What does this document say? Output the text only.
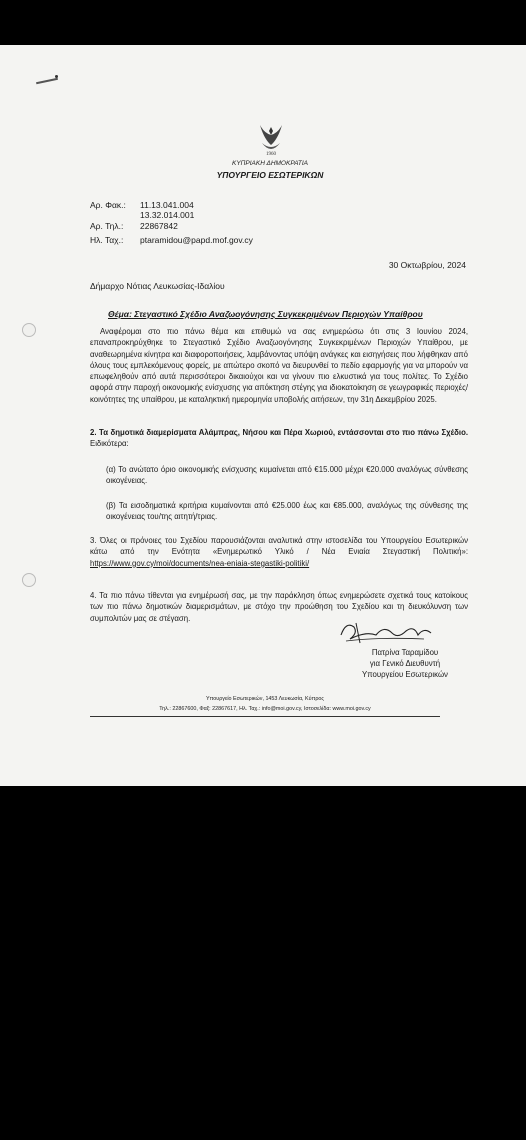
1960
ΚΥΠΡΙΑΚΗ ΔΗΜΟΚΡΑΤΙΑ
ΥΠΟΥΡΓΕΙΟ ΕΣΩΤΕΡΙΚΩΝ
Αρ. Φακ.: 11.13.041.004
13.32.014.001
Αρ. Τηλ.: 22867842
Ηλ. Ταχ.: ptaramidou@papd.mof.gov.cy
30 Οκτωβρίου, 2024
Δήμαρχο Νότιας Λευκωσίας-Ιδαλίου
Θέμα: Στεγαστικό Σχέδιο Αναζωογόνησης Συγκεκριμένων Περιοχών Υπαίθρου
Αναφέρομαι στο πιο πάνω θέμα και επιθυμώ να σας ενημερώσω ότι στις 3 Ιουνίου 2024, επαναπροκηρύχθηκε το Στεγαστικό Σχέδιο Αναζωογόνησης Συγκεκριμένων Περιοχών Υπαίθρου, με αναθεωρημένα κίνητρα και διαφοροποιήσεις, λαμβάνοντας υπόψη ανάγκες και εισηγήσεις που λήφθηκαν από όλους τους εμπλεκόμενους φορείς, με απώτερο σκοπό να διευρυνθεί το πεδίο εφαρμογής για να μπορούν να επωφεληθούν από αυτά περισσότεροι δικαιούχοι και να γίνουν πιο ελκυστικά για τους πολίτες. Το Σχέδιο αφορά στην παροχή οικονομικής ενίσχυσης για απόκτηση στέγης για ιδιοκατοίκηση σε γεωγραφικές περιοχές/κοινότητες της υπαίθρου, με καταληκτική ημερομηνία υποβολής αιτήσεων, την 31η Δεκεμβρίου 2025.
2. Τα δημοτικά διαμερίσματα Αλάμπρας, Νήσου και Πέρα Χωριού, εντάσσονται στο πιο πάνω Σχέδιο. Ειδικότερα:
(α) Το ανώτατο όριο οικονομικής ενίσχυσης κυμαίνεται από €15.000 μέχρι €20.000 αναλόγως σύνθεσης οικογένειας.
(β) Τα εισοδηματικά κριτήρια κυμαίνονται από €25.000 έως και €85.000, αναλόγως της σύνθεσης της οικογένειας του/της αιτητή/τριας.
3. Όλες οι πρόνοιες του Σχεδίου παρουσιάζονται αναλυτικά στην ιστοσελίδα του Υπουργείου Εσωτερικών κάτω από την Ενότητα «Ενημερωτικό Υλικό / Νέα Ενιαία Στεγαστική Πολιτική»: https://www.gov.cy/moi/documents/nea-eniaia-stegastiki-politiki/
4. Τα πιο πάνω τίθενται για ενημέρωσή σας, με την παράκληση όπως ενημερώσετε σχετικά τους κατοίκους των πιο πάνω δημοτικών διαμερισμάτων, με στόχο την προώθηση του Σχεδίου και τη διευκόλυνση των συμπολιτών μας σε στέγαση.
Πατρίνα Ταραμίδου
για Γενικό Διευθυντή
Υπουργείου Εσωτερικών
Υπουργείο Εσωτερικών, 1453 Λευκωσία, Κύπρος
Τηλ.: 22867600, Φαξ: 22867617, Ηλ. Ταχ.: info@moi.gov.cy, Ιστοσελίδα: www.moi.gov.cy
